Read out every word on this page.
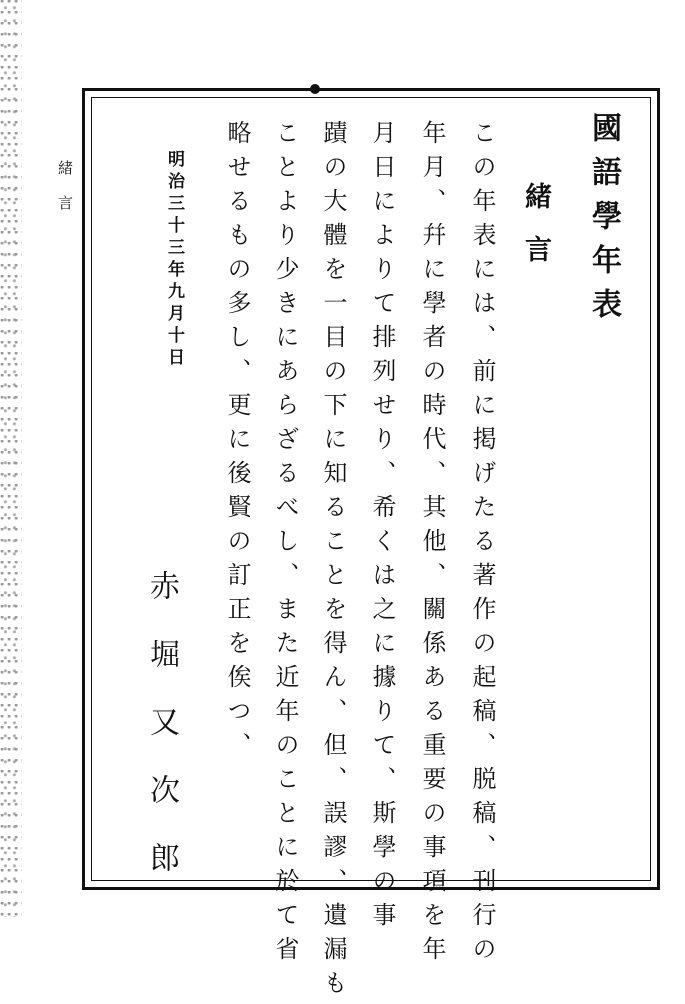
緒言	國語學年表
緒言
この年表には、前に掲げたる著作の起稿、脱稿、刊行の
年月、幷に學者の時代、其他、關係ある重要の事項を年
月日によりて排列せり、希くは之に據りて、斯學の事
蹟の大體を一目の下に知ることを得ん、但、誤謬、遺漏も
ことより少きにあらざるべし、また近年のことに於て省
略せるもの多し、更に後賢の訂正を俟つ、
明治三十三年九月十日
赤堀又次郎
